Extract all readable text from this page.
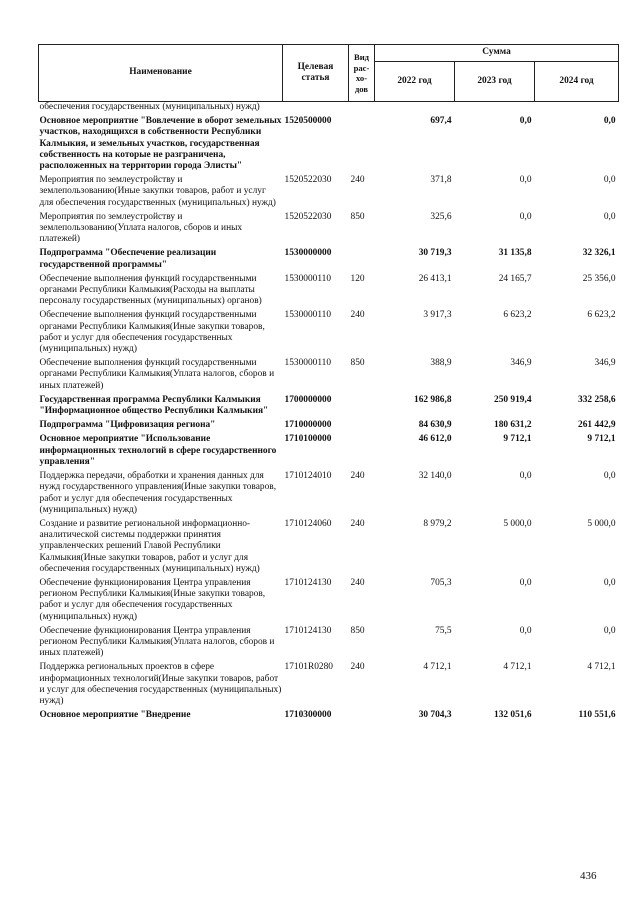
Наименование	Целевая статья	Вид рас-хо-дов	Сумма		
			2022 год	2023 год	2024 год
обеспечения государственных (муниципальных) нужд)					
Основное мероприятие "Вовлечение в оборот земельных участков, находящихся в собственности Республики Калмыкия, и земельных участков, государственная собственность на которые не разграничена, расположенных на территории города Элисты"	1520500000		697,4	0,0	0,0
Мероприятия по землеустройству и землепользованию(Иные закупки товаров, работ и услуг для обеспечения государственных (муниципальных) нужд)	1520522030	240	371,8	0,0	0,0
Мероприятия по землеустройству и землепользованию(Уплата налогов, сборов и иных платежей)	1520522030	850	325,6	0,0	0,0
Подпрограмма "Обеспечение реализации государственной программы"	1530000000		30 719,3	31 135,8	32 326,1
Обеспечение выполнения функций государственными органами Республики Калмыкия(Расходы на выплаты персоналу государственных (муниципальных) органов)	1530000110	120	26 413,1	24 165,7	25 356,0
Обеспечение выполнения функций государственными органами Республики Калмыкия(Иные закупки товаров, работ и услуг для обеспечения государственных (муниципальных) нужд)	1530000110	240	3 917,3	6 623,2	6 623,2
Обеспечение выполнения функций государственными органами Республики Калмыкия(Уплата налогов, сборов и иных платежей)	1530000110	850	388,9	346,9	346,9
Государственная программа Республики Калмыкия "Информационное общество Республики Калмыкия"	1700000000		162 986,8	250 919,4	332 258,6
Подпрограмма "Цифровизация региона"	1710000000		84 630,9	180 631,2	261 442,9
Основное мероприятие "Использование информационных технологий в сфере государственного управления"	1710100000		46 612,0	9 712,1	9 712,1
Поддержка передачи, обработки и хранения данных для нужд государственного управления(Иные закупки товаров, работ и услуг для обеспечения государственных (муниципальных) нужд)	1710124010	240	32 140,0	0,0	0,0
Создание и развитие региональной информационно-аналитической системы поддержки принятия управленческих решений Главой Республики Калмыкия(Иные закупки товаров, работ и услуг для обеспечения государственных (муниципальных) нужд)	1710124060	240	8 979,2	5 000,0	5 000,0
Обеспечение функционирования Центра управления регионом Республики Калмыкия(Иные закупки товаров, работ и услуг для обеспечения государственных (муниципальных) нужд)	1710124130	240	705,3	0,0	0,0
Обеспечение функционирования Центра управления регионом Республики Калмыкия(Уплата налогов, сборов и иных платежей)	1710124130	850	75,5	0,0	0,0
Поддержка региональных проектов в сфере информационных технологий(Иные закупки товаров, работ и услуг для обеспечения государственных (муниципальных) нужд)	17101R0280	240	4 712,1	4 712,1	4 712,1
Основное мероприятие "Внедрение	1710300000		30 704,3	132 051,6	110 551,6
436
